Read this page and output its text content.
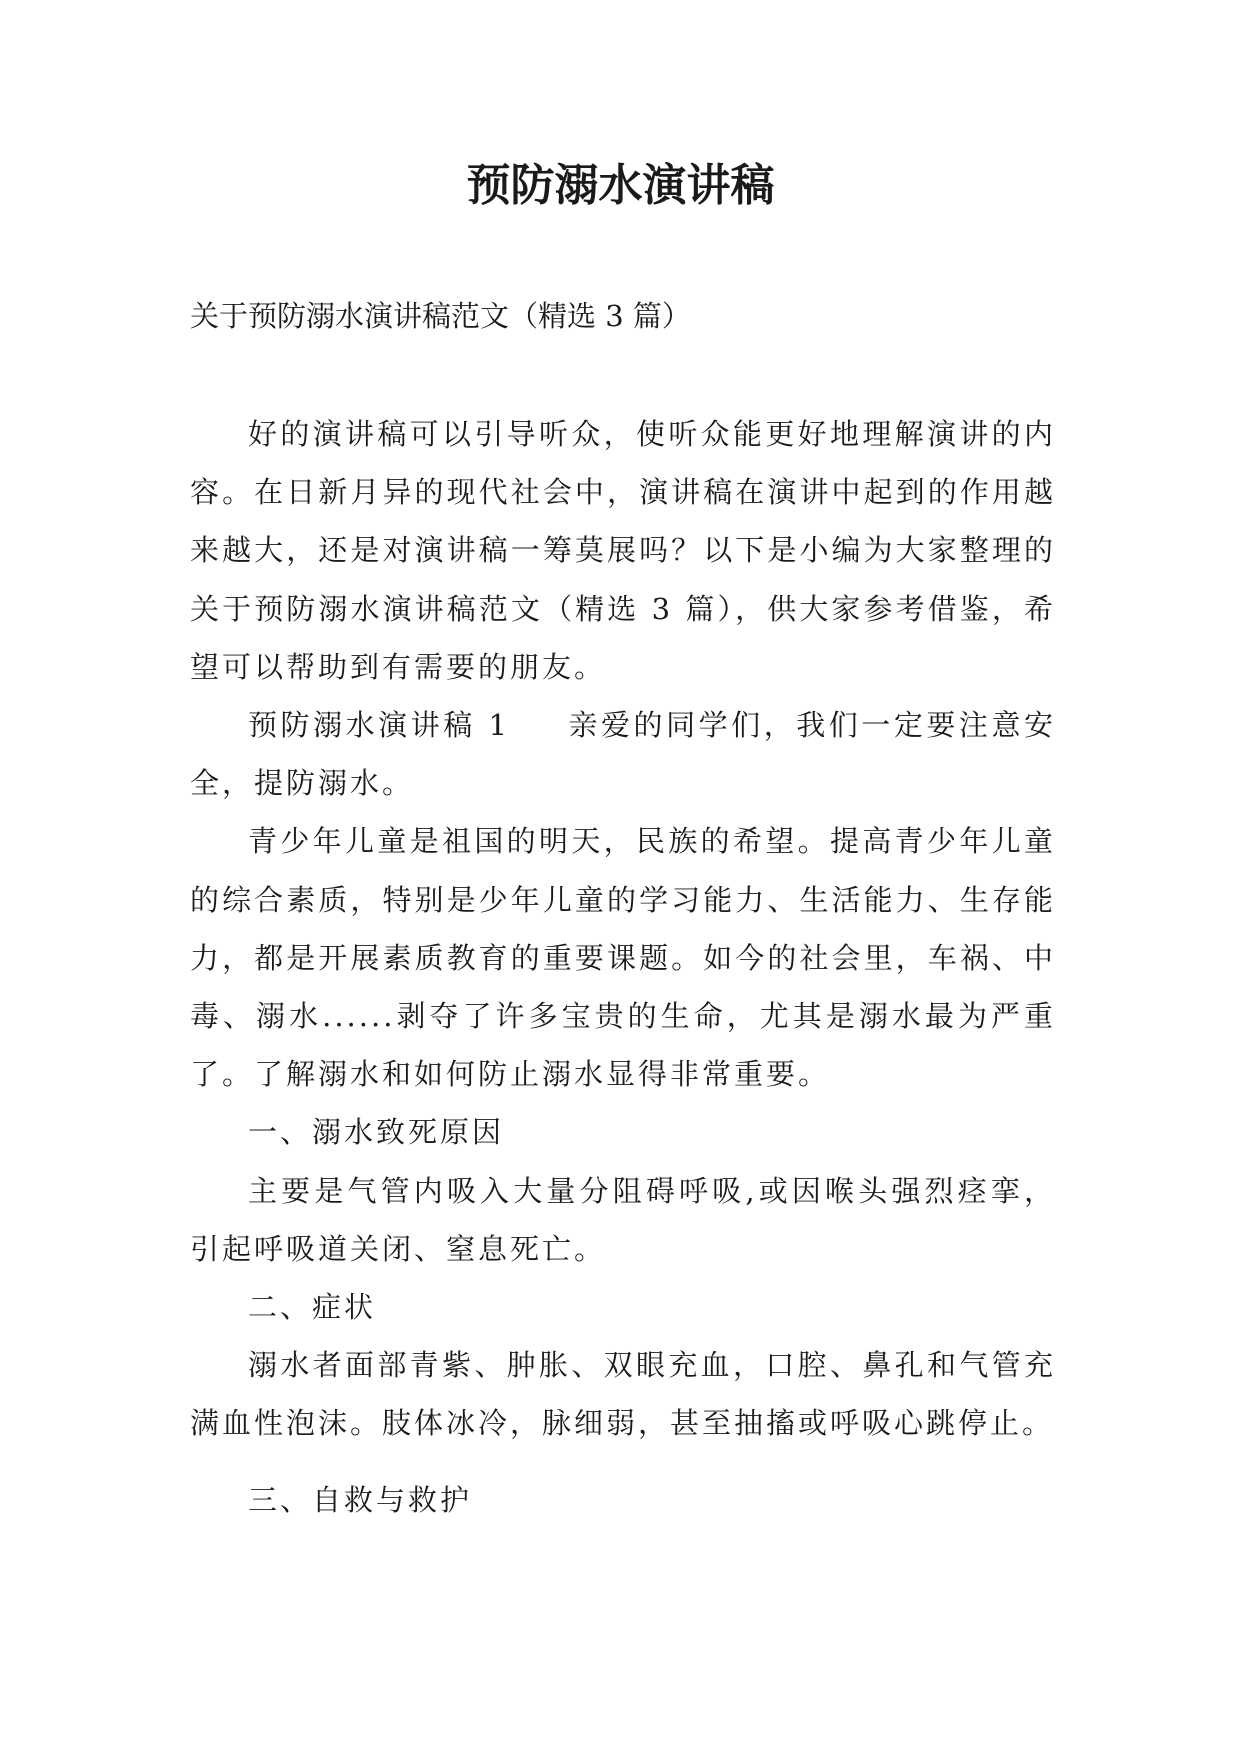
预防溺水演讲稿

关于预防溺水演讲稿范文（精选 3 篇）

好的演讲稿可以引导听众，使听众能更好地理解演讲的内容。在日新月异的现代社会中，演讲稿在演讲中起到的作用越来越大，还是对演讲稿一筹莫展吗？以下是小编为大家整理的关于预防溺水演讲稿范文（精选 3 篇），供大家参考借鉴，希望可以帮助到有需要的朋友。

预防溺水演讲稿 1 亲爱的同学们，我们一定要注意安全，提防溺水。

青少年儿童是祖国的明天，民族的希望。提高青少年儿童的综合素质，特别是少年儿童的学习能力、生活能力、生存能力，都是开展素质教育的重要课题。如今的社会里，车祸、中毒、溺水......剥夺了许多宝贵的生命，尤其是溺水最为严重了。了解溺水和如何防止溺水显得非常重要。

一、溺水致死原因

主要是气管内吸入大量分阻碍呼吸,或因喉头强烈痉挛，引起呼吸道关闭、窒息死亡。

二、症状

溺水者面部青紫、肿胀、双眼充血，口腔、鼻孔和气管充满血性泡沫。肢体冰冷，脉细弱，甚至抽搐或呼吸心跳停止。

三、自救与救护
